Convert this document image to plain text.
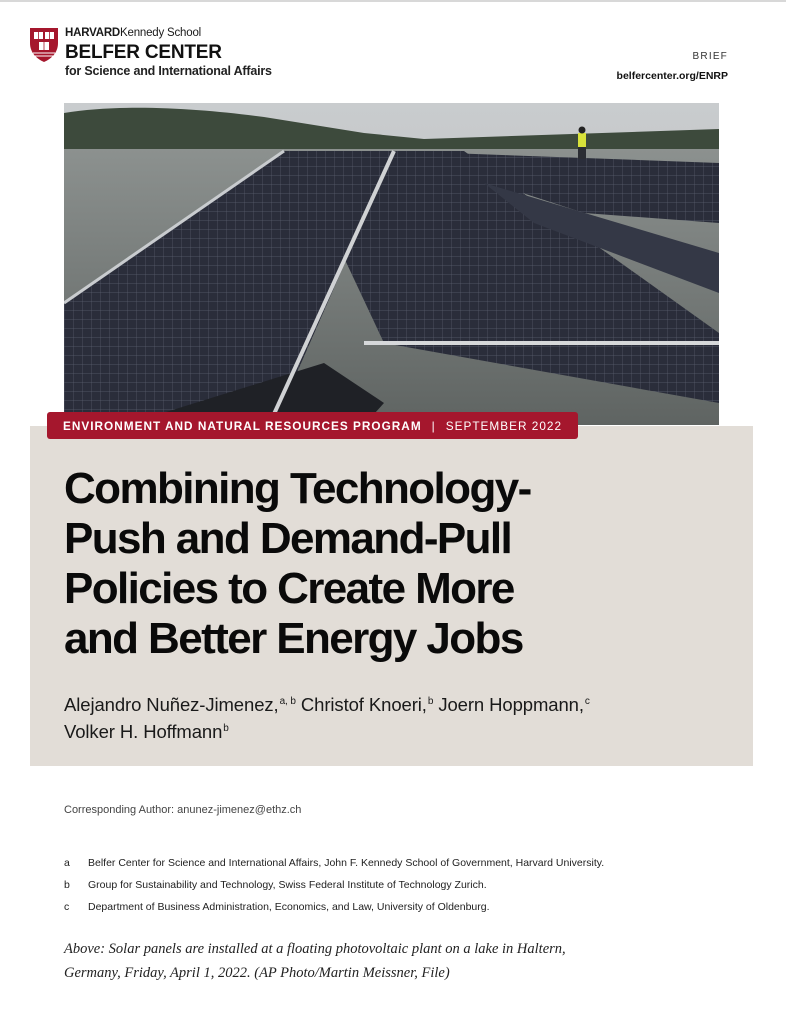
HARVARDKennedy School
BELFER CENTER
for Science and International Affairs
BRIEF
belfercenter.org/ENRP
ENVIRONMENT AND NATURAL RESOURCES PROGRAM | SEPTEMBER 2022
Combining Technology-
Push and Demand-Pull
Policies to Create More
and Better Energy Jobs
Alejandro Nuñez-Jimenez,$^{a, b}$ Christof Knoeri,$^b$ Joern Hoppmann,$^c$
Volker H. Hoffmann$^b$
Corresponding Author: anunez-jimenez@ethz.ch
a	Belfer Center for Science and International Affairs, John F. Kennedy School of Government, Harvard University.
b	Group for Sustainability and Technology, Swiss Federal Institute of Technology Zurich.
c	Department of Business Administration, Economics, and Law, University of Oldenburg.
Above: Solar panels are installed at a floating photovoltaic plant on a lake in Haltern,
Germany, Friday, April 1, 2022. (AP Photo/Martin Meissner, File)
